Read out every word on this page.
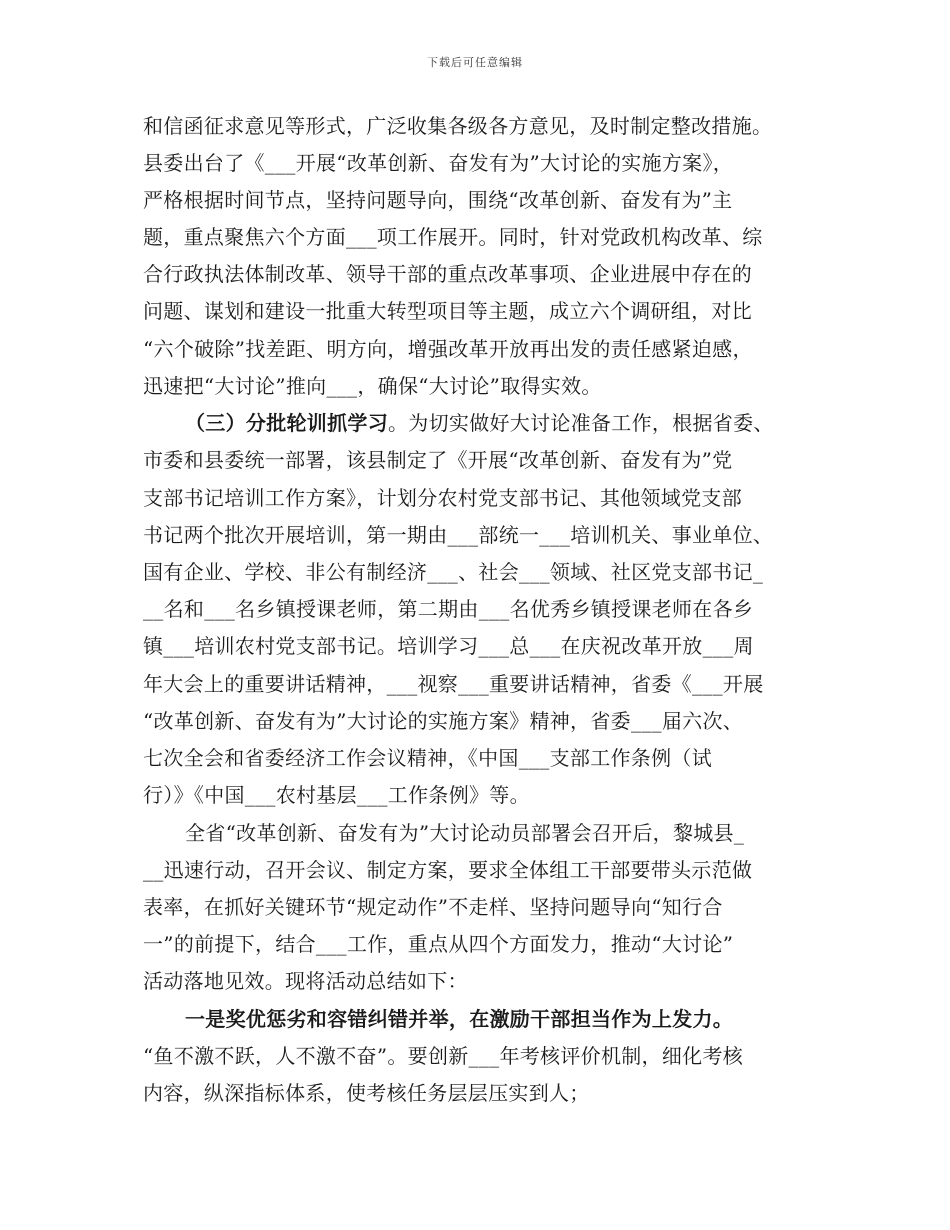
下载后可任意编辑
和信函征求意见等形式，广泛收集各级各方意见，及时制定整改措施。
县委出台了《___开展“改革创新、奋发有为”大讨论的实施方案》，
严格根据时间节点，坚持问题导向，围绕“改革创新、奋发有为”主
题，重点聚焦六个方面___项工作展开。同时，针对党政机构改革、综
合行政执法体制改革、领导干部的重点改革事项、企业进展中存在的
问题、谋划和建设一批重大转型项目等主题，成立六个调研组，对比
“六个破除”找差距、明方向，增强改革开放再出发的责任感紧迫感，
迅速把“大讨论”推向___，确保“大讨论”取得实效。
（三）分批轮训抓学习。为切实做好大讨论准备工作，根据省委、
市委和县委统一部署，该县制定了《开展“改革创新、奋发有为”党
支部书记培训工作方案》，计划分农村党支部书记、其他领域党支部
书记两个批次开展培训，第一期由___部统一___培训机关、事业单位、
国有企业、学校、非公有制经济___、社会___领域、社区党支部书记_
__名和___名乡镇授课老师，第二期由___名优秀乡镇授课老师在各乡
镇___培训农村党支部书记。培训学习___总___在庆祝改革开放___周
年大会上的重要讲话精神，___视察___重要讲话精神，省委《___开展
“改革创新、奋发有为”大讨论的实施方案》精神，省委___届六次、
七次全会和省委经济工作会议精神，《中国___支部工作条例（试
行）》《中国___农村基层___工作条例》等。
全省“改革创新、奋发有为”大讨论动员部署会召开后，黎城县_
__迅速行动，召开会议、制定方案，要求全体组工干部要带头示范做
表率，在抓好关键环节“规定动作”不走样、坚持问题导向“知行合
一”的前提下，结合___工作，重点从四个方面发力，推动“大讨论”
活动落地见效。现将活动总结如下：
一是奖优惩劣和容错纠错并举，在激励干部担当作为上发力。
“鱼不激不跃，人不激不奋”。要创新___年考核评价机制，细化考核
内容，纵深指标体系，使考核任务层层压实到人；
